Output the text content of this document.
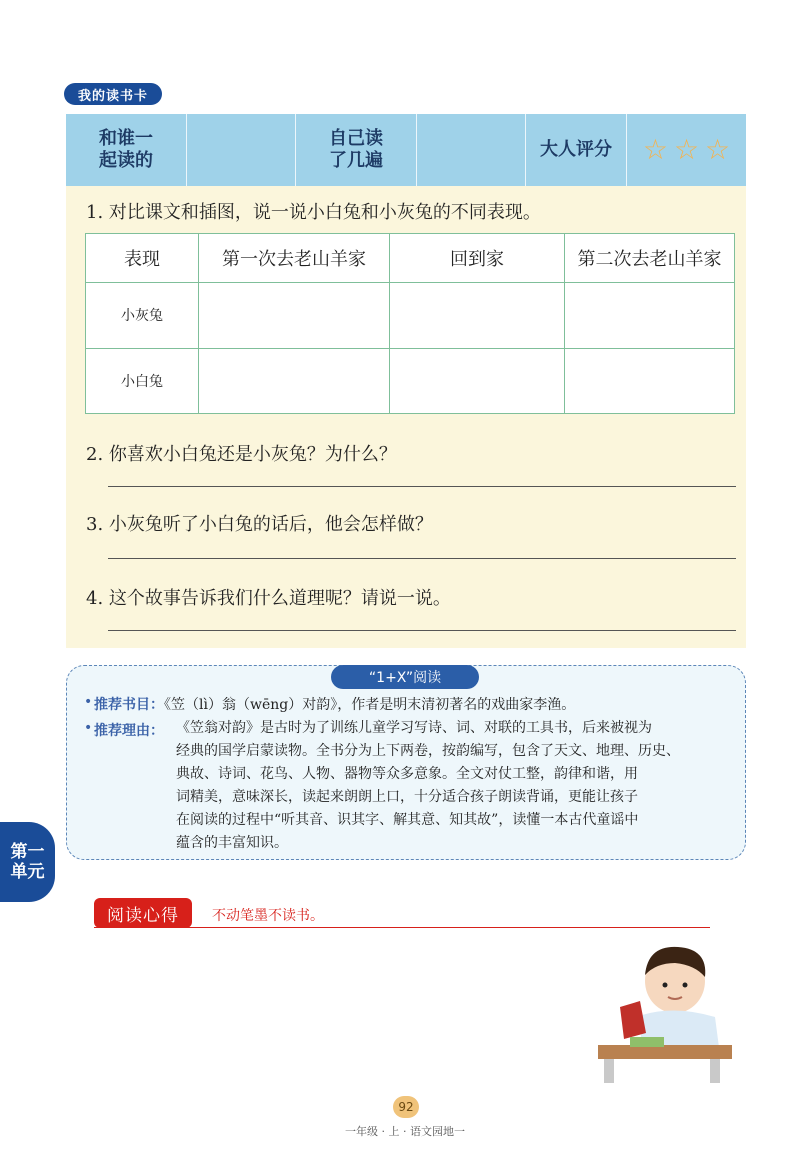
我的读书卡
和谁一
起读的
自己读
了几遍
大人评分	☆ ☆ ☆
1. 对比课文和插图，说一说小白兔和小灰兔的不同表现。
表现	第一次去老山羊家	回到家	第二次去老山羊家
小灰兔			
小白兔			
2. 你喜欢小白兔还是小灰兔？为什么？
3. 小灰兔听了小白兔的话后，他会怎样做？
4. 这个故事告诉我们什么道理呢？请说一说。
“1+X”阅读
• 推荐书目：《笠（lì）翁（wēng）对韵》，作者是明末清初著名的戏曲家李渔。
• 推荐理由： 《笠翁对韵》是古时为了训练儿童学习写诗、词、对联的工具书，后来被视为
经典的国学启蒙读物。全书分为上下两卷，按韵编写，包含了天文、地理、历史、
典故、诗词、花鸟、人物、器物等众多意象。全文对仗工整，韵律和谐，用
词精美，意味深长，读起来朗朗上口，十分适合孩子朗读背诵，更能让孩子
在阅读的过程中“听其音、识其字、解其意、知其故”，读懂一本古代童谣中
蕴含的丰富知识。
第一
单元
阅读心得	不动笔墨不读书。
92
一年级 · 上 · 语文园地一
